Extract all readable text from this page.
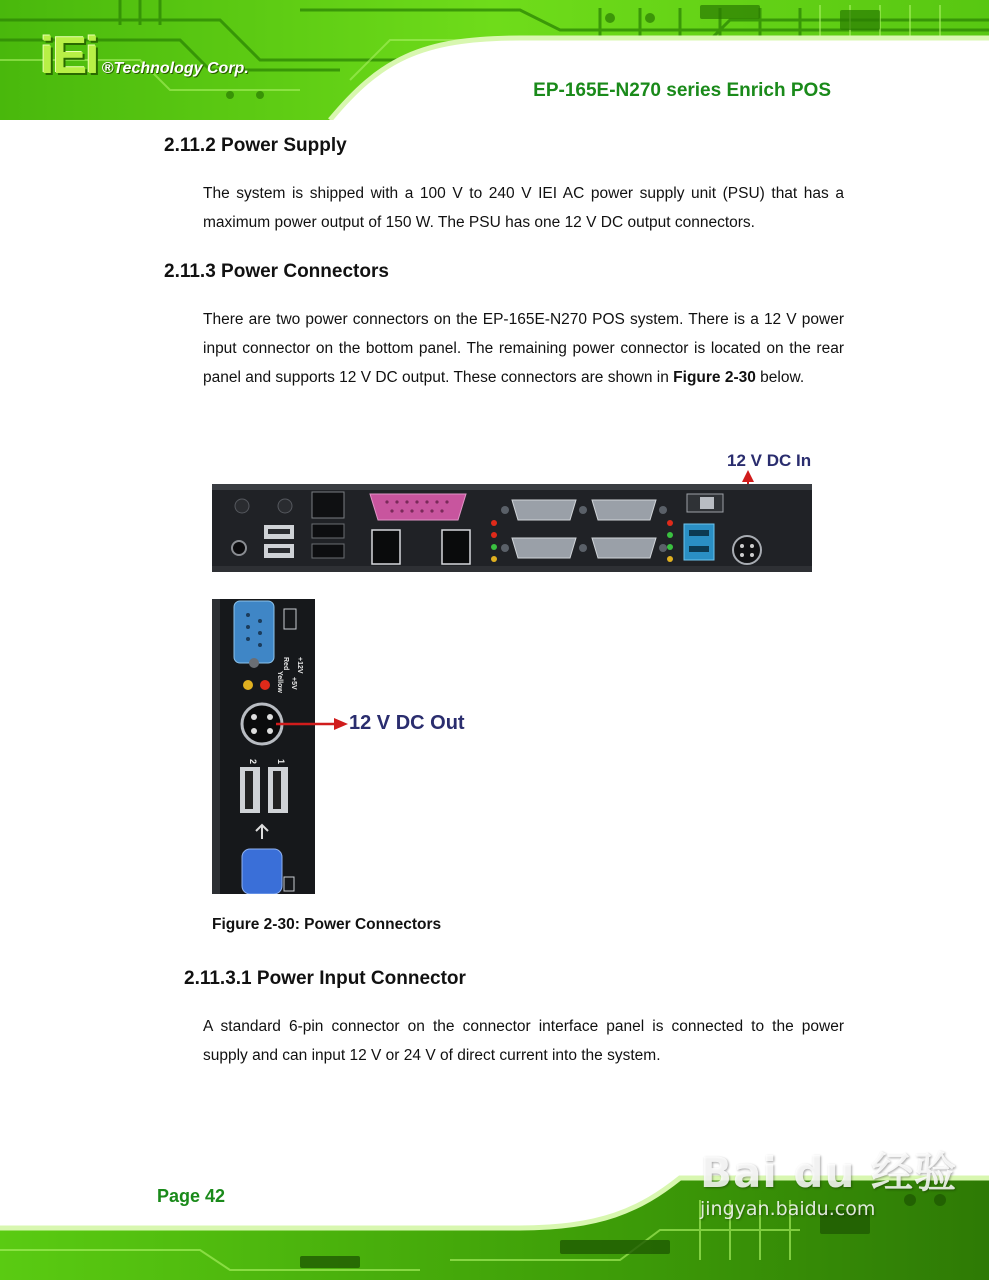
iEi ®Technology Corp.
EP-165E-N270 series Enrich POS
2.11.2 Power Supply

The system is shipped with a 100 V to 240 V IEI AC power supply unit (PSU) that has a maximum power output of 150 W. The PSU has one 12 V DC output connectors.

2.11.3 Power Connectors

There are two power connectors on the EP-165E-N270 POS system. There is a 12 V power input connector on the bottom panel. The remaining power connector is located on the rear panel and supports 12 V DC output. These connectors are shown in Figure 2-30 below.

12 V DC In
Red +12V
Yellow +5V
2 1
12 V DC Out
Figure 2-30: Power Connectors
2.11.3.1 Power Input Connector

A standard 6-pin connector on the connector interface panel is connected to the power supply and can input 12 V or 24 V of direct current into the system.

Page 42	Bai du 经验
jingyan.baidu.com
